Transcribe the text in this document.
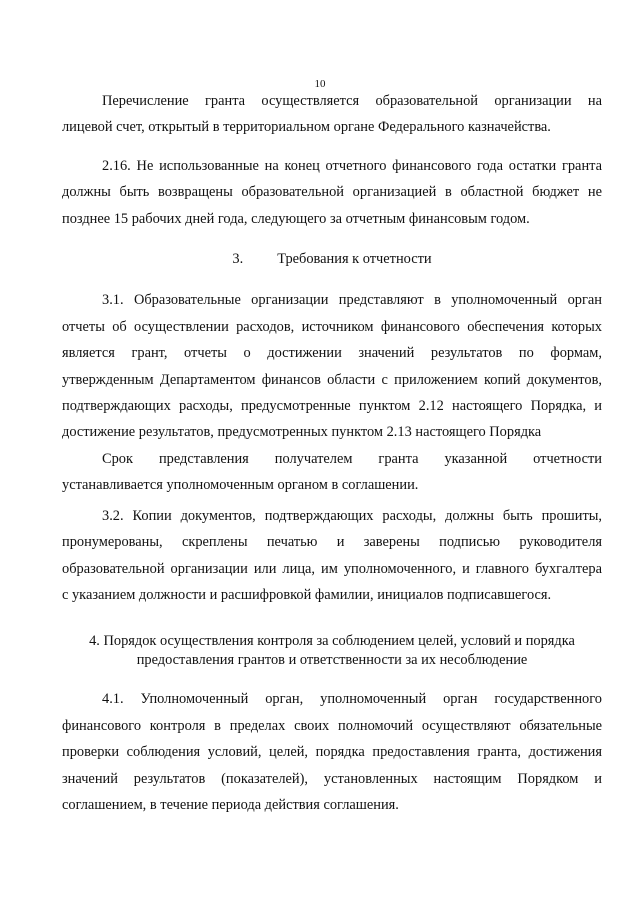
10

Перечисление гранта осуществляется образовательной организации на

лицевой счет, открытый в территориальном органе Федерального казначейства.

2.16. Не использованные на конец отчетного финансового года остатки гранта

должны быть возвращены образовательной организацией в областной бюджет не

позднее 15 рабочих дней года, следующего за отчетным финансовым годом.

3. Требования к отчетности

3.1. Образовательные организации представляют в уполномоченный орган

отчеты об осуществлении расходов, источником финансового обеспечения которых

является грант, отчеты о достижении значений результатов по формам,

утвержденным Департаментом финансов области с приложением копий документов,

подтверждающих расходы, предусмотренные пунктом 2.12 настоящего Порядка, и

достижение результатов, предусмотренных пунктом 2.13 настоящего Порядка

Срок представления получателем гранта указанной отчетности

устанавливается уполномоченным органом в соглашении.

3.2. Копии документов, подтверждающих расходы, должны быть прошиты,

пронумерованы, скреплены печатью и заверены подписью руководителя

образовательной организации или лица, им уполномоченного, и главного бухгалтера

с указанием должности и расшифровкой фамилии, инициалов подписавшегося.

4. Порядок осуществления контроля за соблюдением целей, условий и порядка
предоставления грантов и ответственности за их несоблюдение

4.1. Уполномоченный орган, уполномоченный орган государственного

финансового контроля в пределах своих полномочий осуществляют обязательные

проверки соблюдения условий, целей, порядка предоставления гранта, достижения

значений результатов (показателей), установленных настоящим Порядком и

соглашением, в течение периода действия соглашения.
